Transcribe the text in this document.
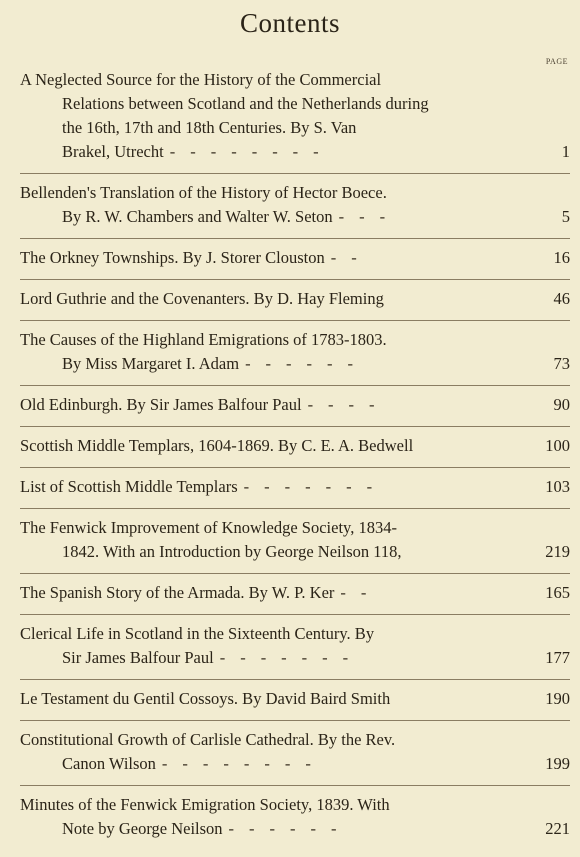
Contents
PAGE
A Neglected Source for the History of the Commercial
Relations between Scotland and the Netherlands during
the 16th, 17th and 18th Centuries. By S. Van
Brakel, Utrecht --------	1
Bellenden's Translation of the History of Hector Boece.
By R. W. Chambers and Walter W. Seton ---	5
The Orkney Townships. By J. Storer Clouston --	16
Lord Guthrie and the Covenanters. By D. Hay Fleming	46
The Causes of the Highland Emigrations of 1783-1803.
By Miss Margaret I. Adam ------	73
Old Edinburgh. By Sir James Balfour Paul ----	90
Scottish Middle Templars, 1604-1869. By C. E. A. Bedwell	100
List of Scottish Middle Templars -------	103
The Fenwick Improvement of Knowledge Society, 1834-
1842. With an Introduction by George Neilson 118,	219
The Spanish Story of the Armada. By W. P. Ker --	165
Clerical Life in Scotland in the Sixteenth Century. By
Sir James Balfour Paul -------	177
Le Testament du Gentil Cossoys. By David Baird Smith	190
Constitutional Growth of Carlisle Cathedral. By the Rev.
Canon Wilson --------	199
Minutes of the Fenwick Emigration Society, 1839. With
Note by George Neilson ------	221
